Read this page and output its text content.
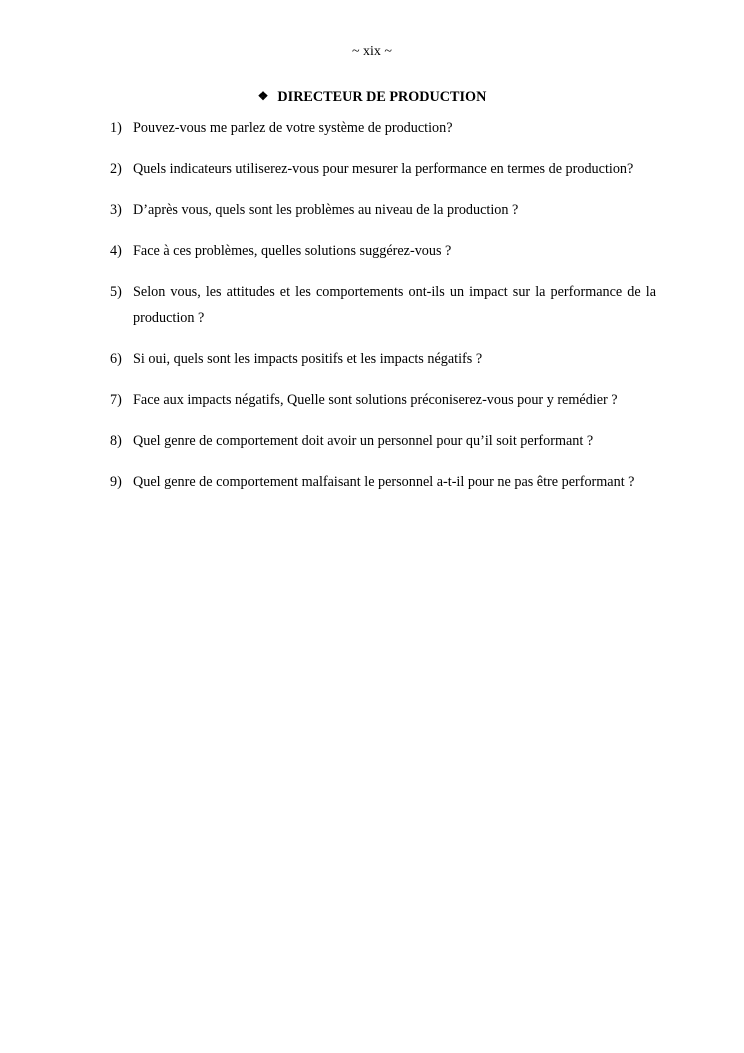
~ xix ~
❖ DIRECTEUR DE PRODUCTION
1) Pouvez-vous me parlez de votre système de production?
2) Quels indicateurs utiliserez-vous pour mesurer la performance en termes de production?
3) D’après vous, quels sont les problèmes au niveau de la production ?
4) Face à ces problèmes, quelles solutions suggérez-vous ?
5) Selon vous, les attitudes et les comportements ont-ils un impact sur la performance de la production ?
6) Si oui, quels sont les impacts positifs et les impacts négatifs ?
7) Face aux impacts négatifs, Quelle sont solutions préconiserez-vous pour y remédier ?
8) Quel genre de comportement doit avoir un personnel pour qu’il soit performant ?
9) Quel genre de comportement malfaisant le personnel a-t-il pour ne pas être performant ?
